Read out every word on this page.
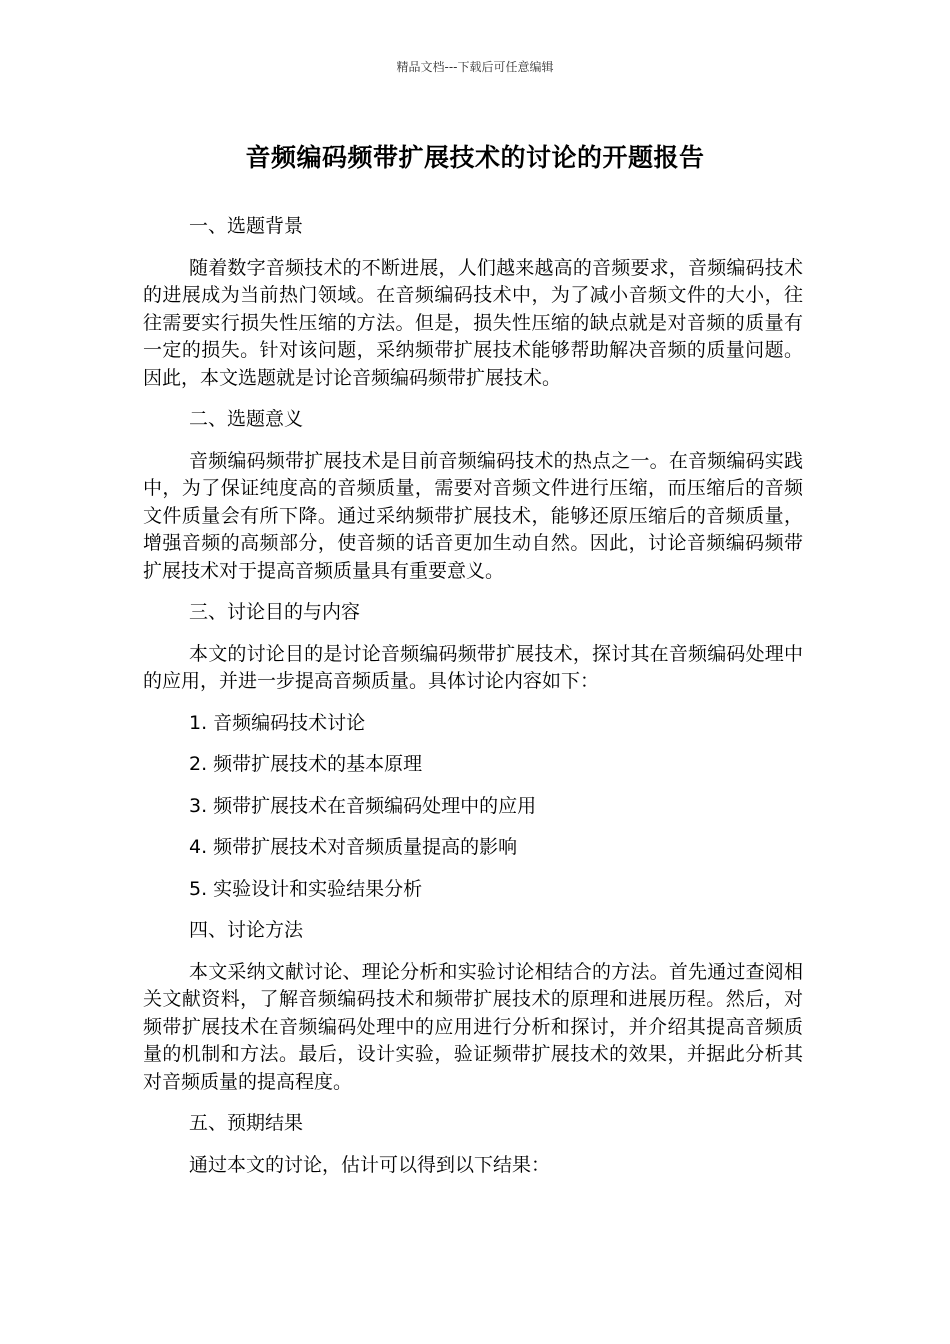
精品文档---下载后可任意编辑
音频编码频带扩展技术的讨论的开题报告

一、选题背景

随着数字音频技术的不断进展，人们越来越高的音频要求，音频编码技术的进展成为当前热门领域。在音频编码技术中，为了减小音频文件的大小，往往需要实行损失性压缩的方法。但是，损失性压缩的缺点就是对音频的质量有一定的损失。针对该问题，采纳频带扩展技术能够帮助解决音频的质量问题。因此，本文选题就是讨论音频编码频带扩展技术。

二、选题意义

音频编码频带扩展技术是目前音频编码技术的热点之一。在音频编码实践中，为了保证纯度高的音频质量，需要对音频文件进行压缩，而压缩后的音频文件质量会有所下降。通过采纳频带扩展技术，能够还原压缩后的音频质量，增强音频的高频部分，使音频的话音更加生动自然。因此，讨论音频编码频带扩展技术对于提高音频质量具有重要意义。

三、讨论目的与内容

本文的讨论目的是讨论音频编码频带扩展技术，探讨其在音频编码处理中的应用，并进一步提高音频质量。具体讨论内容如下：

1. 音频编码技术讨论
2. 频带扩展技术的基本原理
3. 频带扩展技术在音频编码处理中的应用
4. 频带扩展技术对音频质量提高的影响
5. 实验设计和实验结果分析

四、讨论方法

本文采纳文献讨论、理论分析和实验讨论相结合的方法。首先通过查阅相关文献资料，了解音频编码技术和频带扩展技术的原理和进展历程。然后，对频带扩展技术在音频编码处理中的应用进行分析和探讨，并介绍其提高音频质量的机制和方法。最后，设计实验，验证频带扩展技术的效果，并据此分析其对音频质量的提高程度。

五、预期结果

通过本文的讨论，估计可以得到以下结果：
